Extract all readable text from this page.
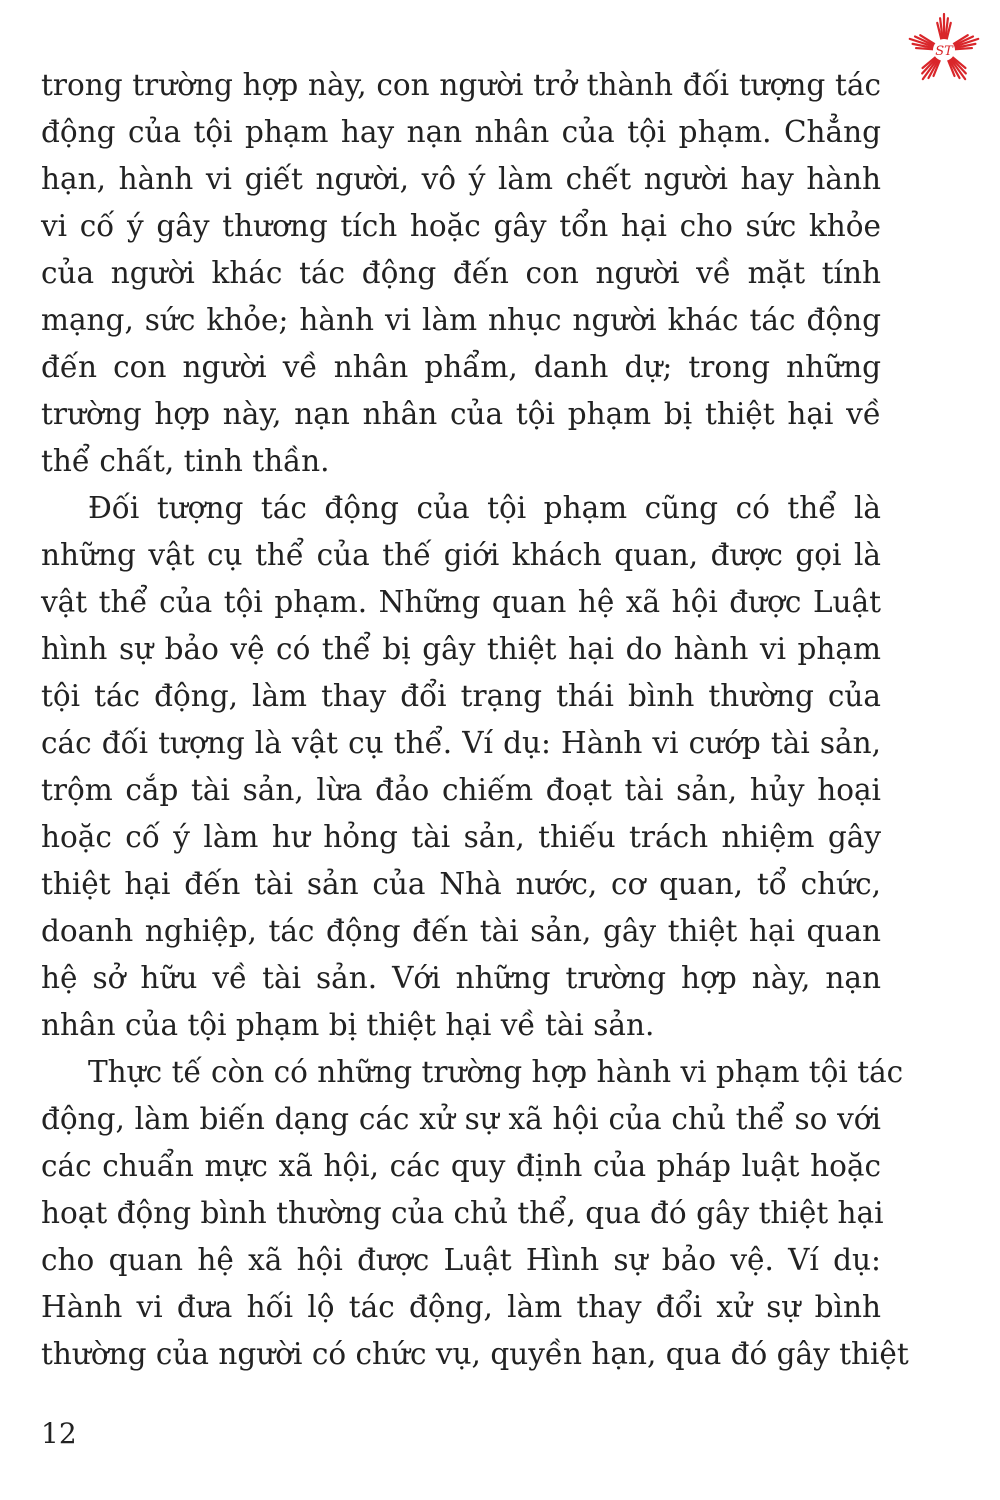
ST
trong trường hợp này, con người trở thành đối tượng tác
động của tội phạm hay nạn nhân của tội phạm. Chẳng
hạn, hành vi giết người, vô ý làm chết người hay hành
vi cố ý gây thương tích hoặc gây tổn hại cho sức khỏe
của người khác tác động đến con người về mặt tính
mạng, sức khỏe; hành vi làm nhục người khác tác động
đến con người về nhân phẩm, danh dự; trong những
trường hợp này, nạn nhân của tội phạm bị thiệt hại về
thể chất, tinh thần.
Đối tượng tác động của tội phạm cũng có thể là
những vật cụ thể của thế giới khách quan, được gọi là
vật thể của tội phạm. Những quan hệ xã hội được Luật
hình sự bảo vệ có thể bị gây thiệt hại do hành vi phạm
tội tác động, làm thay đổi trạng thái bình thường của
các đối tượng là vật cụ thể. Ví dụ: Hành vi cướp tài sản,
trộm cắp tài sản, lừa đảo chiếm đoạt tài sản, hủy hoại
hoặc cố ý làm hư hỏng tài sản, thiếu trách nhiệm gây
thiệt hại đến tài sản của Nhà nước, cơ quan, tổ chức,
doanh nghiệp, tác động đến tài sản, gây thiệt hại quan
hệ sở hữu về tài sản. Với những trường hợp này, nạn
nhân của tội phạm bị thiệt hại về tài sản.
Thực tế còn có những trường hợp hành vi phạm tội tác
động, làm biến dạng các xử sự xã hội của chủ thể so với
các chuẩn mực xã hội, các quy định của pháp luật hoặc
hoạt động bình thường của chủ thể, qua đó gây thiệt hại
cho quan hệ xã hội được Luật Hình sự bảo vệ. Ví dụ:
Hành vi đưa hối lộ tác động, làm thay đổi xử sự bình
thường của người có chức vụ, quyền hạn, qua đó gây thiệt
12
